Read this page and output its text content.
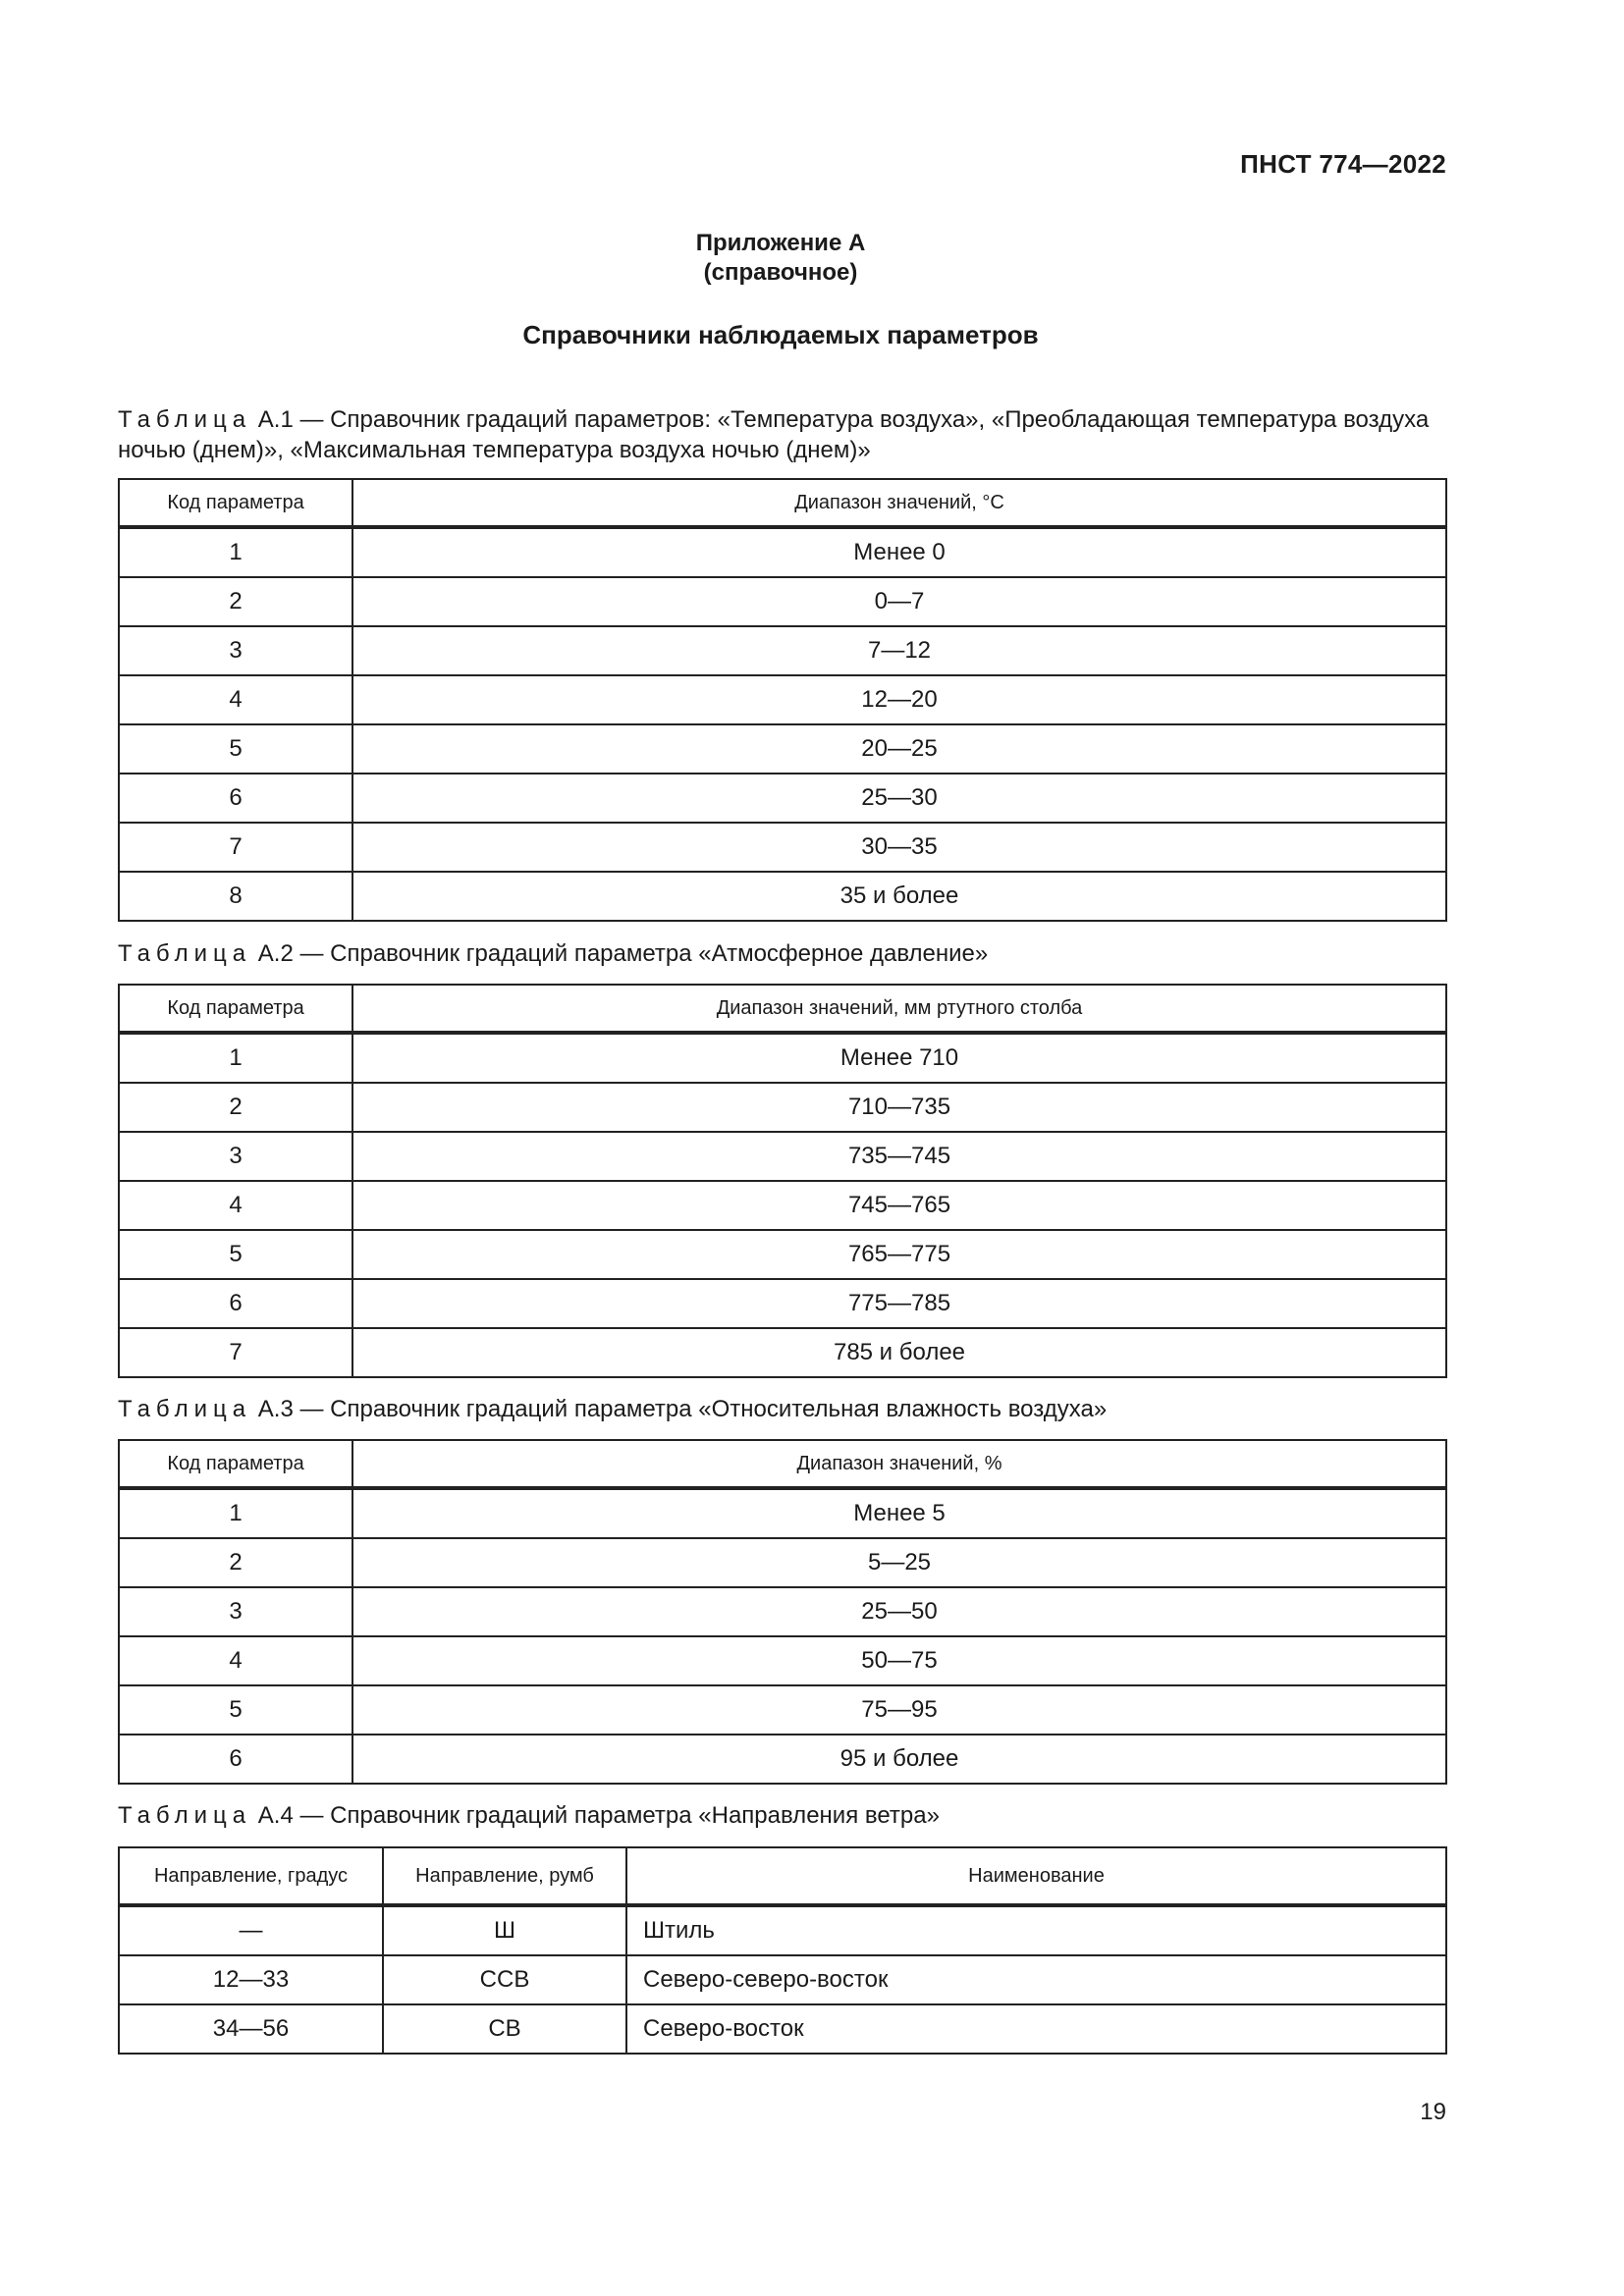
ПНСТ 774—2022
Приложение А
(справочное)
Справочники наблюдаемых параметров
Таблица А.1 — Справочник градаций параметров: «Температура воздуха», «Преобладающая температура воздуха ночью (днем)», «Максимальная температура воздуха ночью (днем)»
Код параметра	Диапазон значений, °С
1	Менее 0
2	0—7
3	7—12
4	12—20
5	20—25
6	25—30
7	30—35
8	35 и более
Таблица А.2 — Справочник градаций параметра «Атмосферное давление»
Код параметра	Диапазон значений, мм ртутного столба
1	Менее 710
2	710—735
3	735—745
4	745—765
5	765—775
6	775—785
7	785 и более
Таблица А.3 — Справочник градаций параметра «Относительная влажность воздуха»
Код параметра	Диапазон значений, %
1	Менее 5
2	5—25
3	25—50
4	50—75
5	75—95
6	95 и более
Таблица А.4 — Справочник градаций параметра «Направления ветра»
Направление, градус	Направление, румб	Наименование
—	Ш	Штиль
12—33	ССВ	Северо-северо-восток
34—56	СВ	Северо-восток
19
